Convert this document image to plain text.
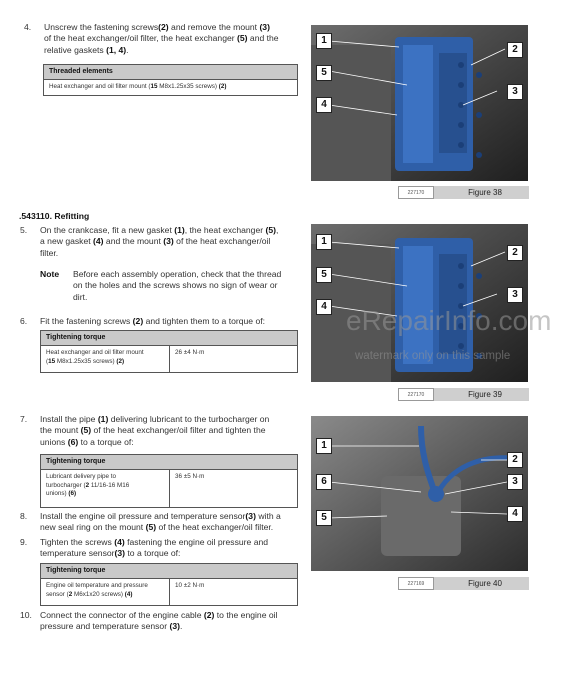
4.	Unscrew the fastening screws(2) and remove the mount (3)
of the heat exchanger/oil filter, the heat exchanger (5) and the
relative gaskets (1, 4).
Threaded elements
Heat exchanger and oil filter mount (15 M8x1.25x35 screws) (2)
.543110. Refitting
5.	On the crankcase, fit a new gasket (1), the heat exchanger (5),
a new gasket (4) and the mount (3) of the heat exchanger/oil
filter.
Note	Before each assembly operation, check that the thread
on the holes and the screws shows no sign of wear or
dirt.
6.	Fit the fastening screws (2) and tighten them to a torque of:
Tightening torque
Heat exchanger and oil filter mount
(15 M8x1.25x35 screws) (2)
26 ±4 N·m
7.	Install the pipe (1) delivering lubricant to the turbocharger on
the mount (5) of the heat exchanger/oil filter and tighten the
unions (6) to a torque of:
Tightening torque
Lubricant delivery pipe to
turbocharger (2 11/16-16 M16
unions) (6)
36 ±5 N·m
8.	Install the engine oil pressure and temperature sensor(3) with a
new seal ring on the mount (5) of the heat exchanger/oil filter.
9.	Tighten the screws (4) fastening the engine oil pressure and
temperature sensor(3) to a torque of:
Tightening torque
Engine oil temperature and pressure
sensor (2 M6x1x20 screws) (4)
10 ±2 N·m
10. Connect the connector of the engine cable (2) to the engine oil
pressure and temperature sensor (3).
1
2
5
3
4
227170	Figure 38
1
2
5
3
4
227170	Figure 39
1
2
6	3
4
5
227169	Figure 40
eRepairInfo.com
watermark only on this sample
